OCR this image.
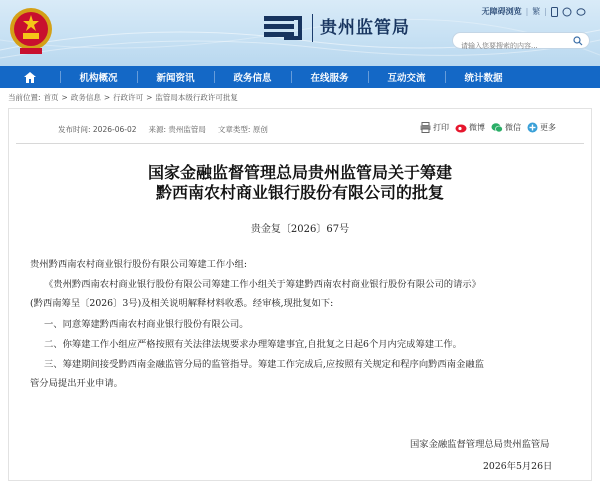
贵州监管局
无障碍浏览 | 繁 |
请输入您要搜索的内容...
机构概况	新闻资讯	政务信息	在线服务	互动交流	统计数据
当前位置: 首页 > 政务信息 > 行政许可 > 监管局本级行政许可批复
发布时间: 2026-06-02 来源: 贵州监管局 文章类型: 原创	打印	微博	微信 更多
国家金融监督管理总局贵州监管局关于筹建
黔西南农村商业银行股份有限公司的批复
贵金复〔2026〕67号
贵州黔西南农村商业银行股份有限公司筹建工作小组:
《贵州黔西南农村商业银行股份有限公司筹建工作小组关于筹建黔西南农村商业银行股份有限公司的请示》
(黔西南筹呈〔2026〕3号)及相关说明解释材料收悉。经审核,现批复如下:
一、同意筹建黔西南农村商业银行股份有限公司。
二、你筹建工作小组应严格按照有关法律法规要求办理筹建事宜,自批复之日起6个月内完成筹建工作。
三、筹建期间接受黔西南金融监管分局的监管指导。筹建工作完成后,应按照有关规定和程序向黔西南金融监
管分局提出开业申请。
国家金融监督管理总局贵州监管局
2026年5月26日
